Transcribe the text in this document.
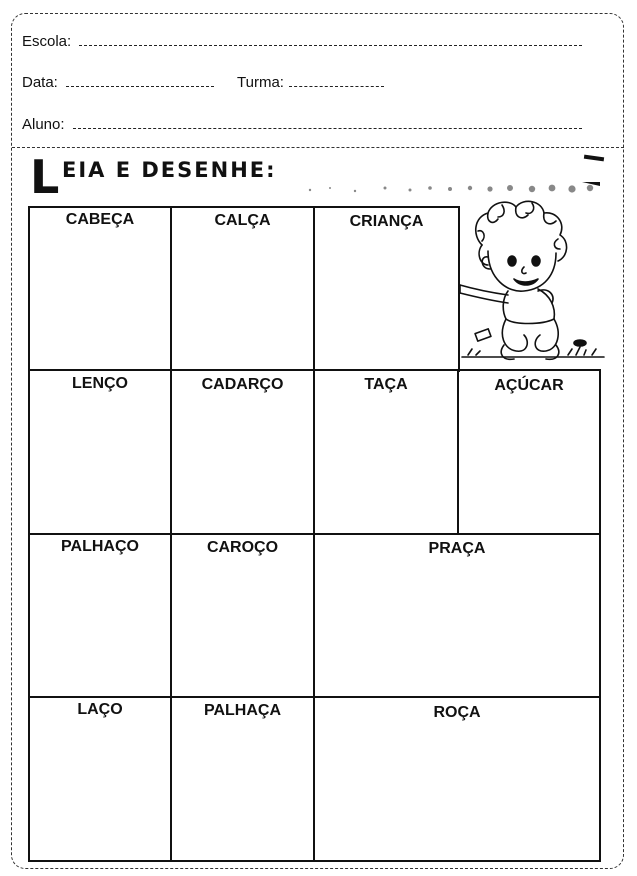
Escola:
Data:	Turma:
Aluno:
L EIA E DESENHE:
CABEÇA	CALÇA	CRIANÇA
LENÇO	CADARÇO	TAÇA	AÇÚCAR
PALHAÇO	CAROÇO	PRAÇA
LAÇO	PALHAÇA	ROÇA
